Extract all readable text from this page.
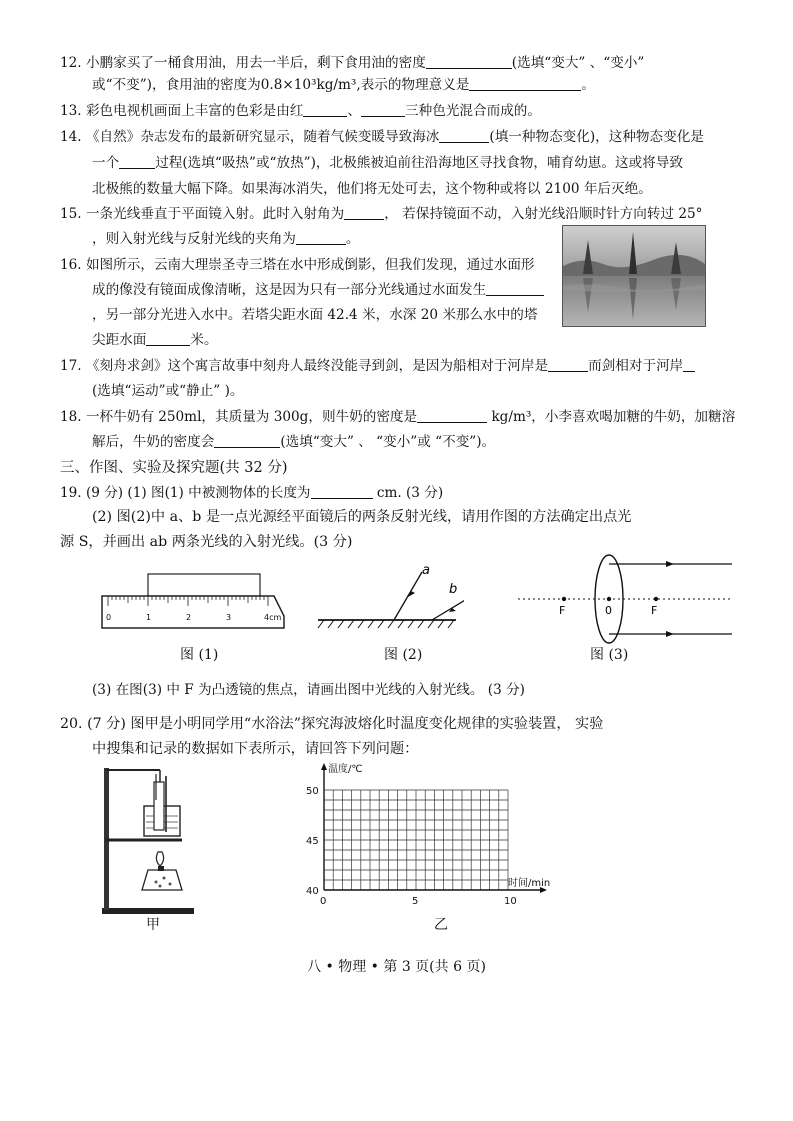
12. 小鹏家买了一桶食用油，用去一半后，剩下食用油的密度	(选填“变大” 、“变小”
或“不变”)，食用油的密度为0.8×10³kg/m³,表示的物理意义是	。
13. 彩色电视机画面上丰富的色彩是由红	、	三种色光混合而成的。
14. 《自然》杂志发布的最新研究显示，随着气候变暖导致海冰	(填一种物态变化)，这种物态变化是
一个	过程(选填“吸热”或“放热”)，北极熊被迫前往沿海地区寻找食物，哺育幼崽。这或将导致
北极熊的数量大幅下降。如果海冰消失，他们将无处可去，这个物种或将以 2100 年后灭绝。
15. 一条光线垂直于平面镜入射。此时入射角为	， 若保持镜面不动，入射光线沿顺时针方向转过 25°
，则入射光线与反射光线的夹角为	。
16. 如图所示，云南大理崇圣寺三塔在水中形成倒影，但我们发现，通过水面形
成的像没有镜面成像清晰，这是因为只有一部分光线通过水面发生
，另一部分光进入水中。若塔尖距水面 42.4 米，水深 20 米那么水中的塔
尖距水面	米。
17. 《刻舟求剑》这个寓言故事中刻舟人最终没能寻到剑，是因为船相对于河岸是	而剑相对于河岸
(选填“运动”或“静止” )。
18. 一杯牛奶有 250ml，其质量为 300g，则牛奶的密度是	kg/m³，小李喜欢喝加糖的牛奶，加糖溶
解后，牛奶的密度会	(选填“变大” 、 “变小”或 “不变”)。
三、作图、实验及探究题(共 32 分)
19. (9 分) (1) 图(1) 中被测物体的长度为	cm. (3 分)
(2) 图(2)中 a、b 是一点光源经平面镜后的两条反射光线，请用作图的方法确定出点光
源 S，并画出 ab 两条光线的入射光线。(3 分)
0	1	2	3	4cm
a
b
F	0	F
图 (1)	图 (2)	图 (3)
(3) 在图(3) 中 F 为凸透镜的焦点，请画出图中光线的入射光线。 (3 分)
20. (7 分) 图甲是小明同学用“水浴法”探究海波熔化时温度变化规律的实验装置， 实验
中搜集和记录的数据如下表所示，请回答下列问题：
甲
40
45
50
0	5	10
温度/℃
时间/min
乙
八 • 物理 • 第 3 页(共 6 页)
